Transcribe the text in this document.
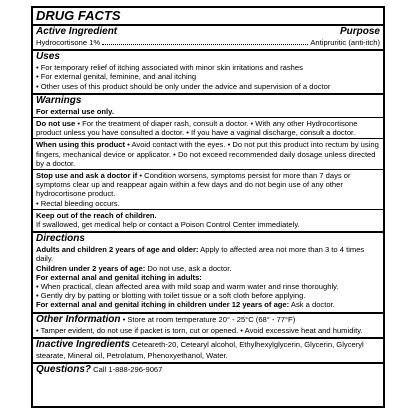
DRUG FACTS
Active Ingredient	Purpose
Hydrocortisone 1%	Antipruritic (anti-itch)
Uses

• For temporary relief of itching associated with minor skin irritations and rashes

• For external genital, feminine, and anal itching

• Other uses of this product should be only under the advice and supervision of a doctor

Warnings

For external use only.

Do not use • For the treatment of diaper rash, consult a doctor. • With any other Hydrocortisone product unless you have consulted a doctor. • If you have a vaginal discharge, consult a doctor.

When using this product • Avoid contact with the eyes. • Do not put this product into rectum by using fingers, mechanical device or applicator. • Do not exceed recommended daily dosage unless directed by a doctor.

Stop use and ask a doctor if • Condition worsens, symptoms persist for more than 7 days or symptoms clear up and reappear again within a few days and do not begin use of any other hydrocortisone product.

• Rectal bleeding occurs.

Keep out of the reach of children.

If swallowed, get medical help or contact a Poison Control Center immediately.

Directions

Adults and children 2 years of age and older: Apply to affected area not more than 3 to 4 times daily.

Children under 2 years of age: Do not use, ask a doctor.

For external anal and genital itching in adults:

• When practical, clean affected area with mild soap and warm water and rinse thoroughly.

• Gently dry by patting or blotting with toilet tissue or a soft cloth before applying.

For external anal and genital itching in children under 12 years of age: Ask a doctor.

Other Information • Store at room temperature 20° - 25°C (68° - 77°F)

• Tamper evident, do not use if packet is torn, cut or opened. • Avoid excessive heat and humidity.

Inactive Ingredients Ceteareth-20, Cetearyl alcohol, Ethylhexylglycerin, Glycerin, Glyceryl stearate, Mineral oil, Petrolatum, Phenoxyethanol, Water.

Questions? Call 1-888-296-9067
